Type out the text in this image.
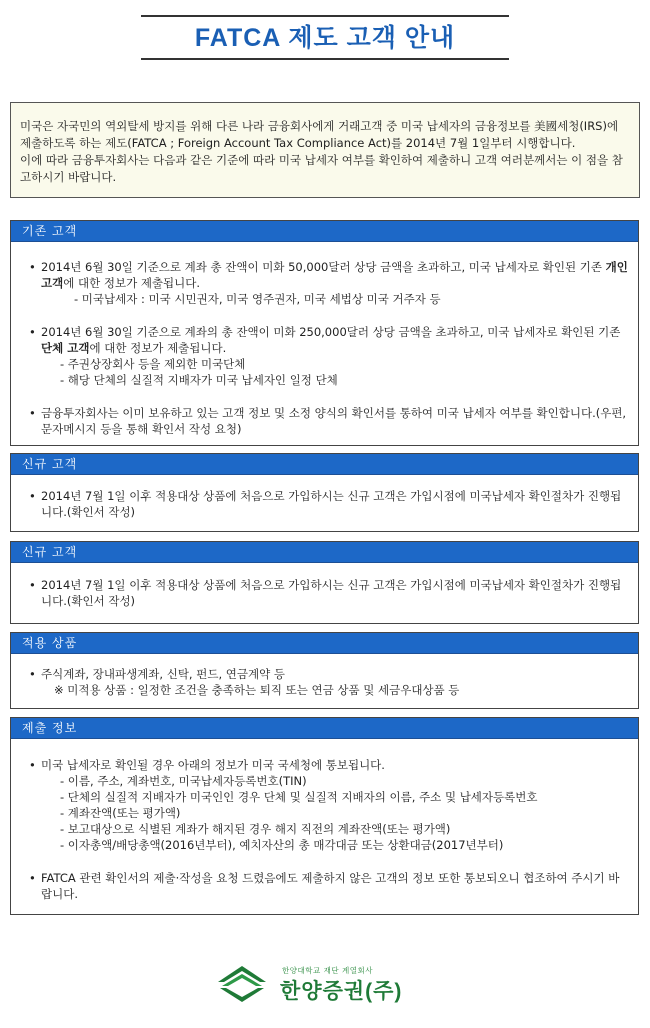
FATCA 제도 고객 안내

미국은 자국민의 역외탈세 방지를 위해 다른 나라 금융회사에게 거래고객 중 미국 납세자의 금융정보를 美國세청(IRS)에 제출하도록 하는 제도(FATCA ; Foreign Account Tax Compliance Act)를 2014년 7월 1일부터 시행합니다.

이에 따라 금융투자회사는 다음과 같은 기준에 따라 미국 납세자 여부를 확인하여 제출하니 고객 여러분께서는 이 점을 참고하시기 바랍니다.

기존 고객
• 2014년 6월 30일 기준으로 계좌 총 잔액이 미화 50,000달러 상당 금액을 초과하고, 미국 납세자로 확인된 기존 개인 고객에 대한 정보가 제출됩니다.
- 미국납세자 : 미국 시민권자, 미국 영주권자, 미국 세법상 미국 거주자 등
• 2014년 6월 30일 기준으로 계좌의 총 잔액이 미화 250,000달러 상당 금액을 초과하고, 미국 납세자로 확인된 기존 단체 고객에 대한 정보가 제출됩니다.
- 주권상장회사 등을 제외한 미국단체
- 해당 단체의 실질적 지배자가 미국 납세자인 일정 단체
• 금융투자회사는 이미 보유하고 있는 고객 정보 및 소정 양식의 확인서를 통하여 미국 납세자 여부를 확인합니다.(우편, 문자메시지 등을 통해 확인서 작성 요청)
신규 고객
• 2014년 7월 1일 이후 적용대상 상품에 처음으로 가입하시는 신규 고객은 가입시점에 미국납세자 확인절차가 진행됩니다.(확인서 작성)
신규 고객
• 2014년 7월 1일 이후 적용대상 상품에 처음으로 가입하시는 신규 고객은 가입시점에 미국납세자 확인절차가 진행됩니다.(확인서 작성)
적용 상품
• 주식계좌, 장내파생계좌, 신탁, 펀드, 연금계약 등
※ 미적용 상품 : 일정한 조건을 충족하는 퇴직 또는 연금 상품 및 세금우대상품 등
제출 정보
• 미국 납세자로 확인될 경우 아래의 정보가 미국 국세청에 통보됩니다.
- 이름, 주소, 계좌번호, 미국납세자등록번호(TIN)
- 단체의 실질적 지배자가 미국인인 경우 단체 및 실질적 지배자의 이름, 주소 및 납세자등록번호
- 계좌잔액(또는 평가액)
- 보고대상으로 식별된 계좌가 해지된 경우 해지 직전의 계좌잔액(또는 평가액)
- 이자총액/배당총액(2016년부터), 예치자산의 총 매각대금 또는 상환대금(2017년부터)
• FATCA 관련 확인서의 제출·작성을 요청 드렸음에도 제출하지 않은 고객의 정보 또한 통보되오니 협조하여 주시기 바랍니다.
한양대학교 재단 계열회사
한양증권(주)
